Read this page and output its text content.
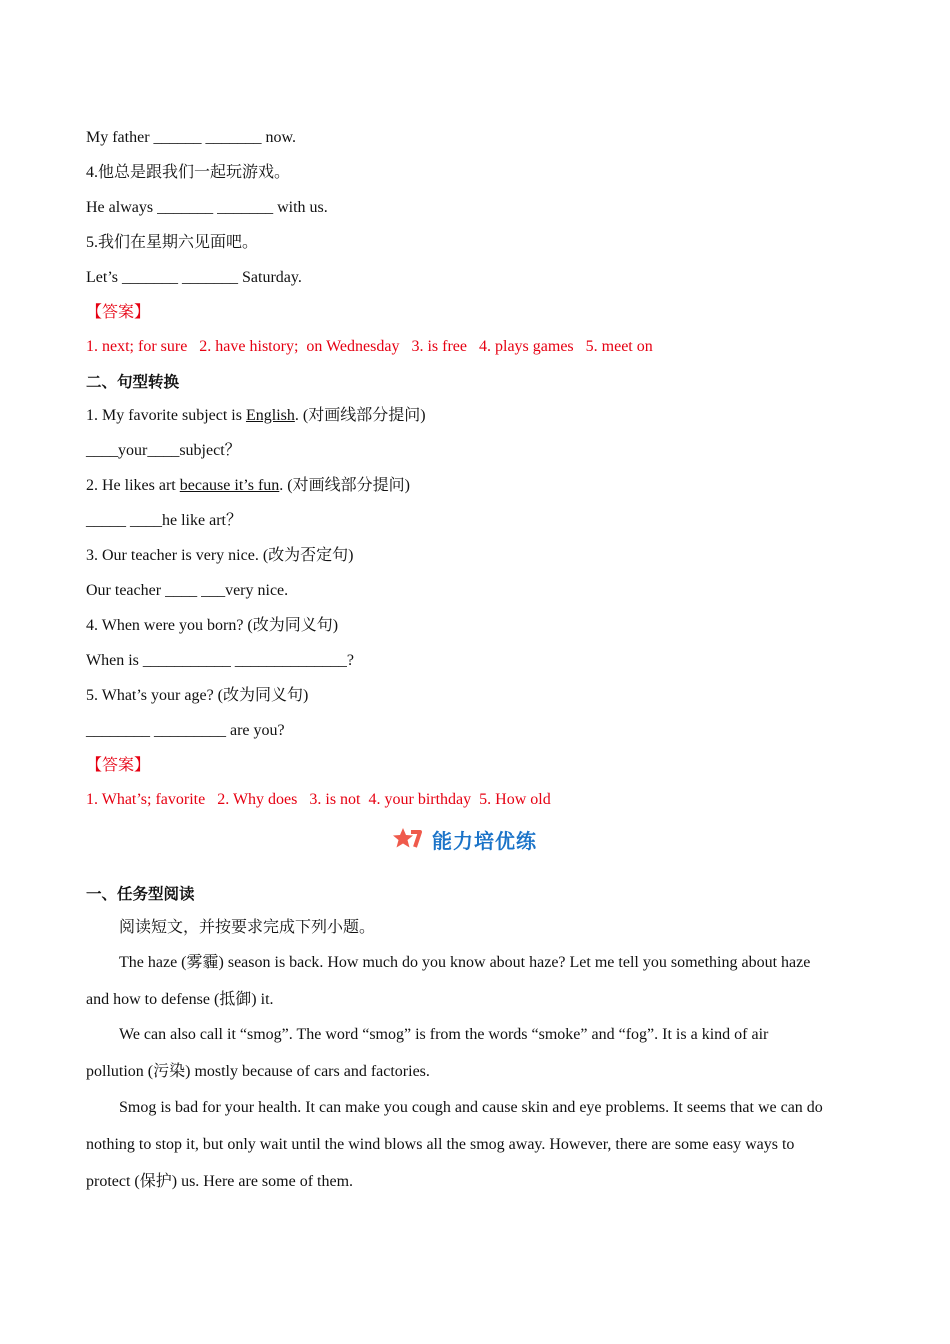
My father ______ _______ now.
4.他总是跟我们一起玩游戏。
He always _______ _______ with us.
5.我们在星期六见面吧。
Let’s _______ _______ Saturday.
【答案】
1. next; for sure   2. have history;  on Wednesday   3. is free   4. plays games   5. meet on
二、句型转换
1. My favorite subject is English. (对画线部分提问)
____your____subject？
2. He likes art because it’s fun. (对画线部分提问)
_____ ____he like art？
3. Our teacher is very nice. (改为否定句)
Our teacher ____ ___very nice.
4. When were you born? (改为同义句)
When is ___________ ______________?
5. What’s your age? (改为同义句)
________ _________ are you?
【答案】
1. What’s; favorite   2. Why does   3. is not  4. your birthday  5. How old
能力培优练
一、任务型阅读
阅读短文，并按要求完成下列小题。
The haze (雾霾) season is back. How much do you know about haze? Let me tell you something about haze
and how to defense (抵御) it.
We can also call it “smog”. The word “smog” is from the words “smoke” and “fog”. It is a kind of air
pollution (污染) mostly because of cars and factories.
Smog is bad for your health. It can make you cough and cause skin and eye problems. It seems that we can do
nothing to stop it, but only wait until the wind blows all the smog away. However, there are some easy ways to
protect (保护) us. Here are some of them.
